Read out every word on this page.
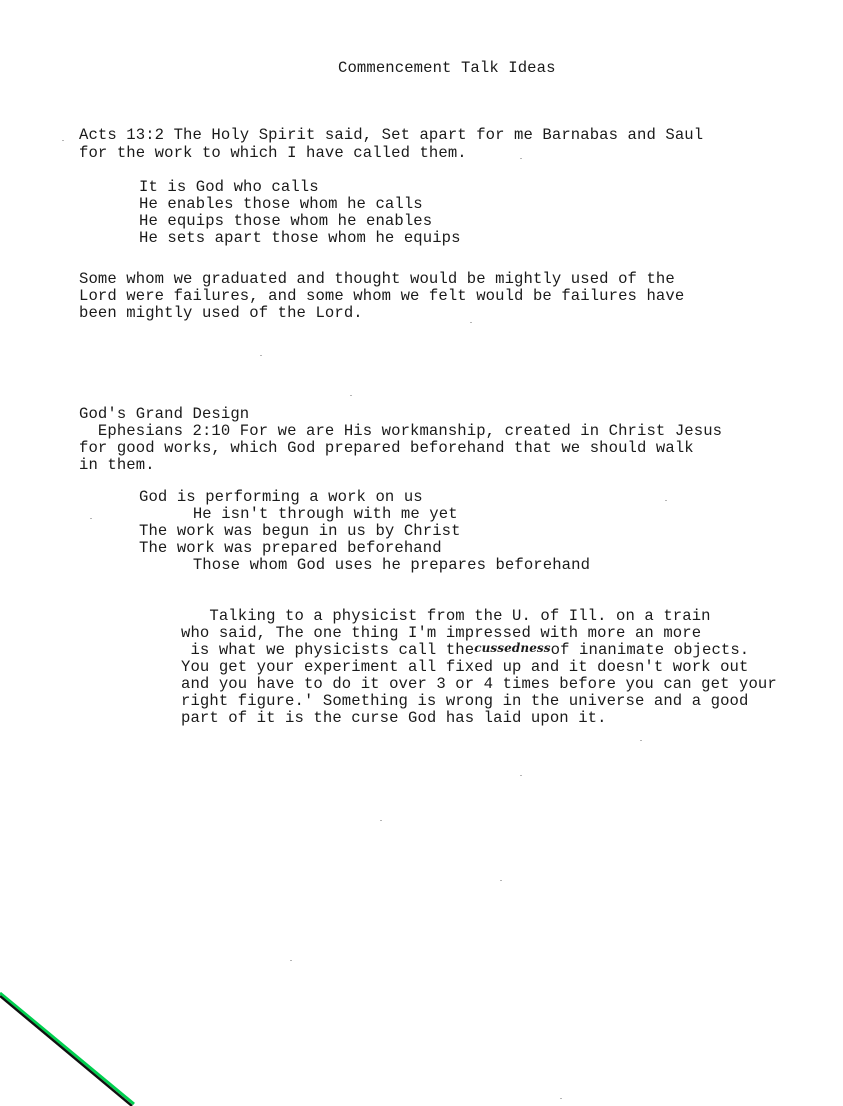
Commencement Talk Ideas
Acts 13:2 The Holy Spirit said, Set apart for me Barnabas and Saul
for the work to which I have called them.
It is God who calls
He enables those whom he calls
He equips those whom he enables
He sets apart those whom he equips
Some whom we graduated and thought would be mightly used of the
Lord were failures, and some whom we felt would be failures have
been mightly used of the Lord.
God's Grand Design
Ephesians 2:10 For we are His workmanship, created in Christ Jesus
for good works, which God prepared beforehand that we should walk
in them.
God is performing a work on us
He isn't through with me yet
The work was begun in us by Christ
The work was prepared beforehand
Those whom God uses he prepares beforehand
Talking to a physicist from the U. of Ill. on a train
who said, The one thing I'm impressed with more an more
is what we physicists call thecussednessof inanimate objects.
You get your experiment all fixed up and it doesn't work out
and you have to do it over 3 or 4 times before you can get your
right figure.' Something is wrong in the universe and a good
part of it is the curse God has laid upon it.
